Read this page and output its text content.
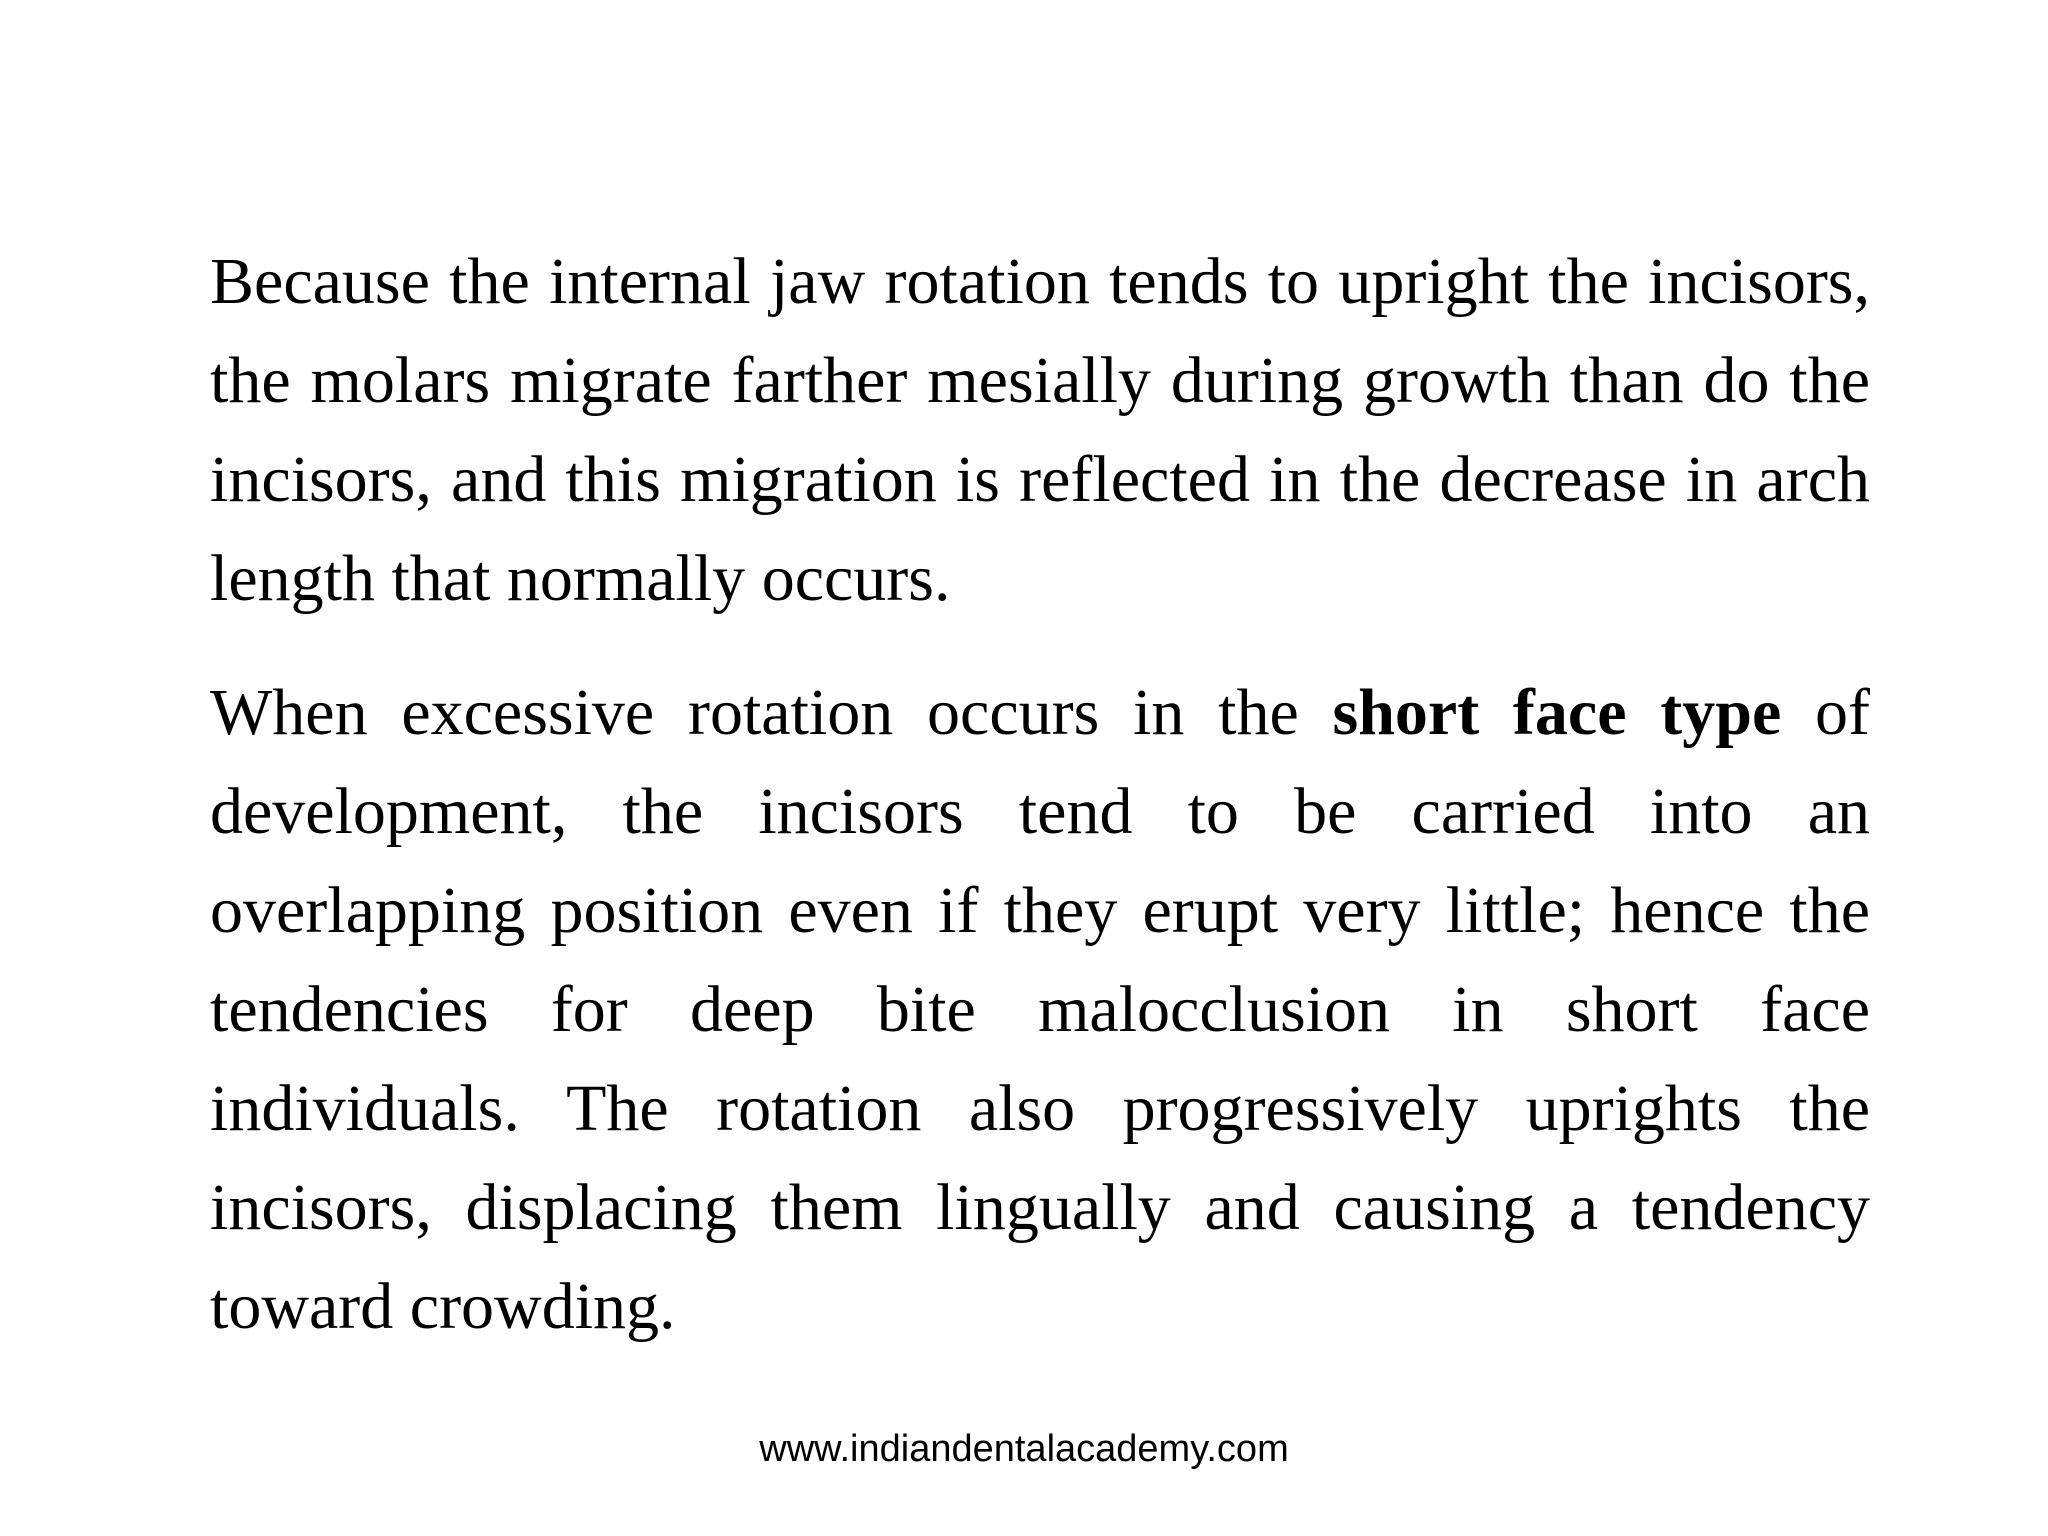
Because the internal jaw rotation tends to upright the incisors, the molars migrate farther mesially during growth than do the incisors, and this migration is reflected in the decrease in arch length that normally occurs.

When excessive rotation occurs in the short face type of development, the incisors tend to be carried into an overlapping position even if they erupt very little; hence the tendencies for deep bite malocclusion in short face individuals. The rotation also progressively uprights the incisors, displacing them lingually and causing a tendency toward crowding.

www.indiandentalacademy.com
